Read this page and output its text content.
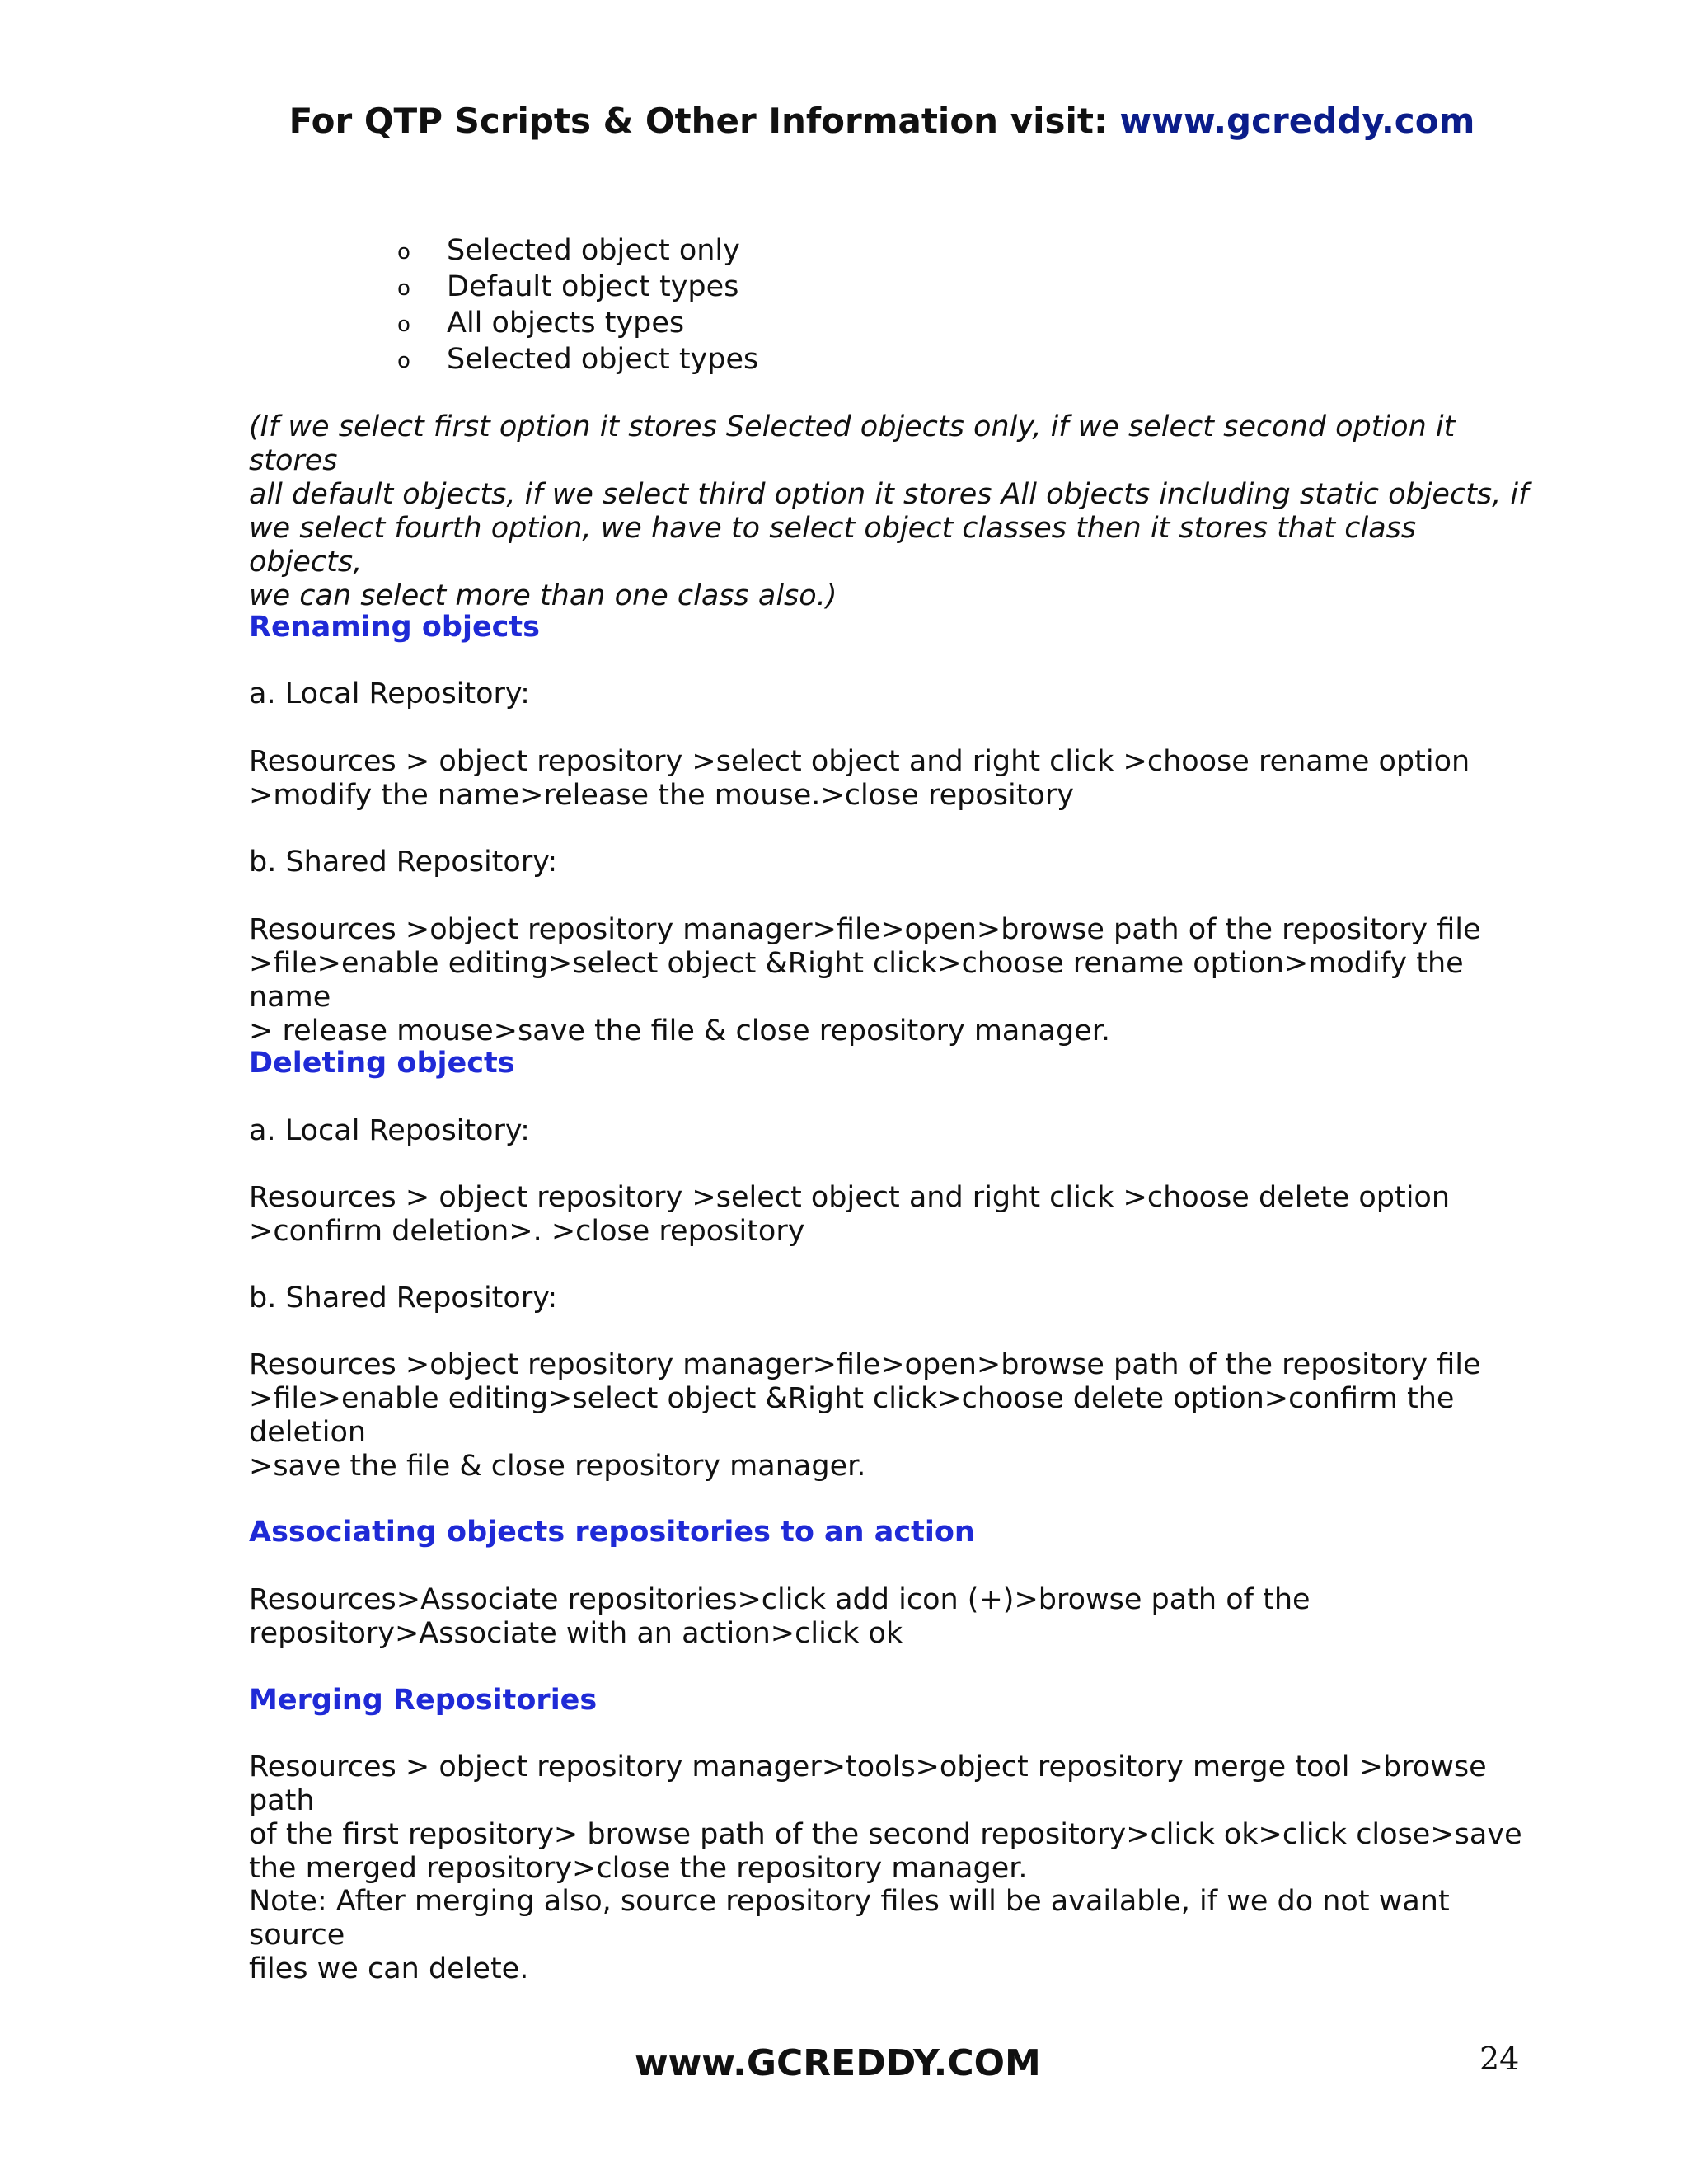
For QTP Scripts & Other Information visit: www.gcreddy.com
o Selected object only
o Default object types
o All objects types
o Selected object types
(If we select first option it stores Selected objects only, if we select second option it stores
all default objects, if we select third option it stores All objects including static objects, if
we select fourth option, we have to select object classes then it stores that class objects,
we can select more than one class also.)
Renaming objects
a. Local Repository:
Resources > object repository >select object and right click >choose rename option
>modify the name>release the mouse.>close repository
b. Shared Repository:
Resources >object repository manager>file>open>browse path of the repository file
>file>enable editing>select object &Right click>choose rename option>modify the name
> release mouse>save the file & close repository manager.
Deleting objects
a. Local Repository:
Resources > object repository >select object and right click >choose delete option
>confirm deletion>. >close repository
b. Shared Repository:
Resources >object repository manager>file>open>browse path of the repository file
>file>enable editing>select object &Right click>choose delete option>confirm the deletion
>save the file & close repository manager.
Associating objects repositories to an action
Resources>Associate repositories>click add icon (+)>browse path of the
repository>Associate with an action>click ok
Merging Repositories
Resources > object repository manager>tools>object repository merge tool >browse path
of the first repository> browse path of the second repository>click ok>click close>save
the merged repository>close the repository manager.
Note: After merging also, source repository files will be available, if we do not want source
files we can delete.
www.GCREDDY.COM	24
